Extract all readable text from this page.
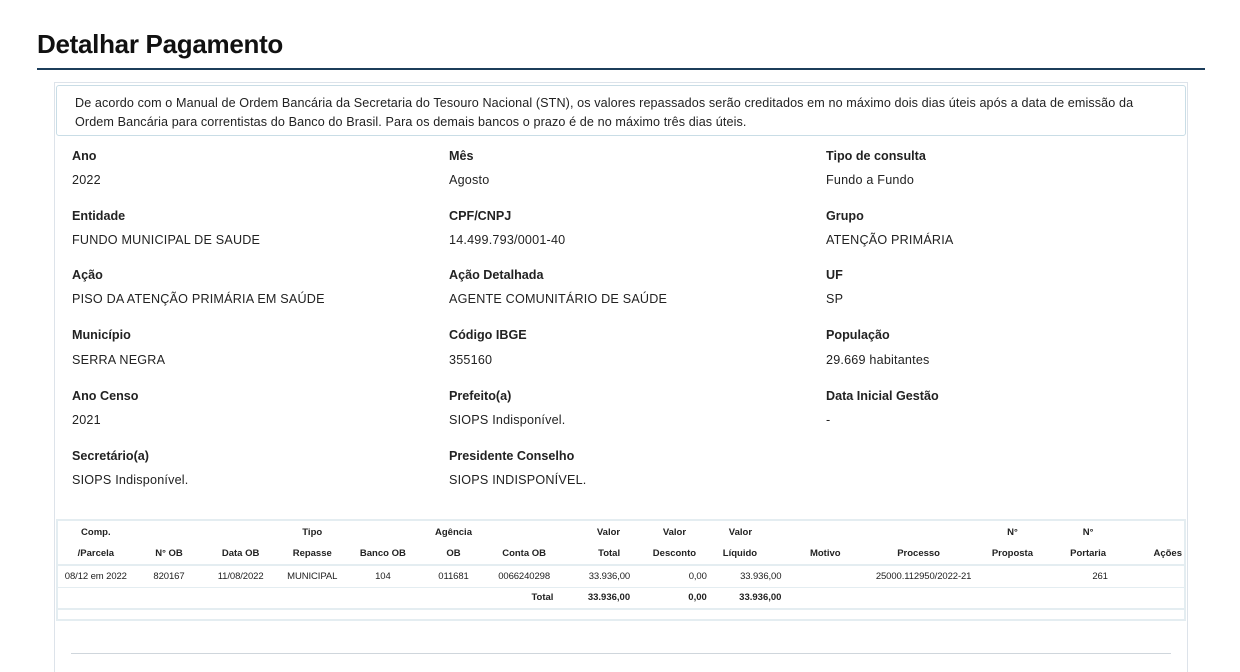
Detalhar Pagamento
De acordo com o Manual de Ordem Bancária da Secretaria do Tesouro Nacional (STN), os valores repassados serão creditados em no máximo dois dias úteis após a data de emissão da Ordem Bancária para correntistas do Banco do Brasil. Para os demais bancos o prazo é de no máximo três dias úteis.
Ano
2022
Mês
Agosto
Tipo de consulta
Fundo a Fundo
Entidade
FUNDO MUNICIPAL DE SAUDE
CPF/CNPJ
14.499.793/0001-40
Grupo
ATENÇÃO PRIMÁRIA
Ação
PISO DA ATENÇÃO PRIMÁRIA EM SAÚDE
Ação Detalhada
AGENTE COMUNITÁRIO DE SAÚDE
UF
SP
Município
SERRA NEGRA
Código IBGE
355160
População
29.669 habitantes
Ano Censo
2021
Prefeito(a)
SIOPS Indisponível.
Data Inicial Gestão
-
Secretário(a)
SIOPS Indisponível.
Presidente Conselho
SIOPS INDISPONÍVEL.
Comp.			Tipo		Agência		Valor	Valor	Valor			N°	N°	
/Parcela	N° OB	Data OB	Repasse	Banco OB	OB	Conta OB	Total	Desconto	Líquido	Motivo	Processo	Proposta	Portaria	Ações
08/12 em 2022	820167	11/08/2022	MUNICIPAL	104	011681	0066240298	33.936,00	0,00	33.936,00		25000.112950/2022-21		261	
Total							33.936,00	0,00	33.936,00					
